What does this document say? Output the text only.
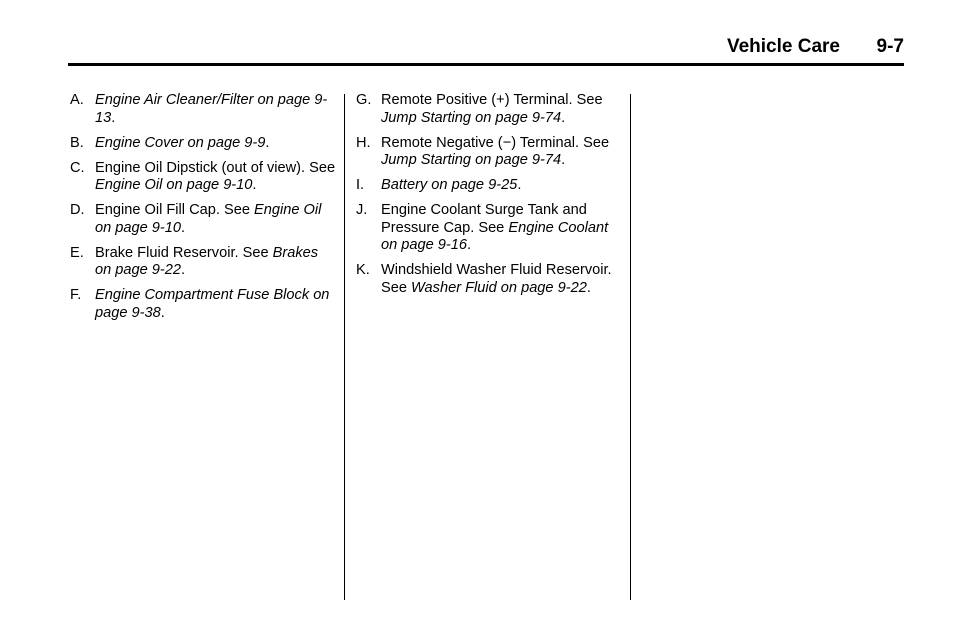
Vehicle Care 9-7
A. Engine Air Cleaner/Filter on page 9-13.
B. Engine Cover on page 9-9.
C. Engine Oil Dipstick (out of view). See Engine Oil on page 9-10.
D. Engine Oil Fill Cap. See Engine Oil on page 9-10.
E. Brake Fluid Reservoir. See Brakes on page 9-22.
F. Engine Compartment Fuse Block on page 9-38.
G. Remote Positive (+) Terminal. See Jump Starting on page 9-74.
H. Remote Negative (−) Terminal. See Jump Starting on page 9-74.
I. Battery on page 9-25.
J. Engine Coolant Surge Tank and Pressure Cap. See Engine Coolant on page 9-16.
K. Windshield Washer Fluid Reservoir. See Washer Fluid on page 9-22.
